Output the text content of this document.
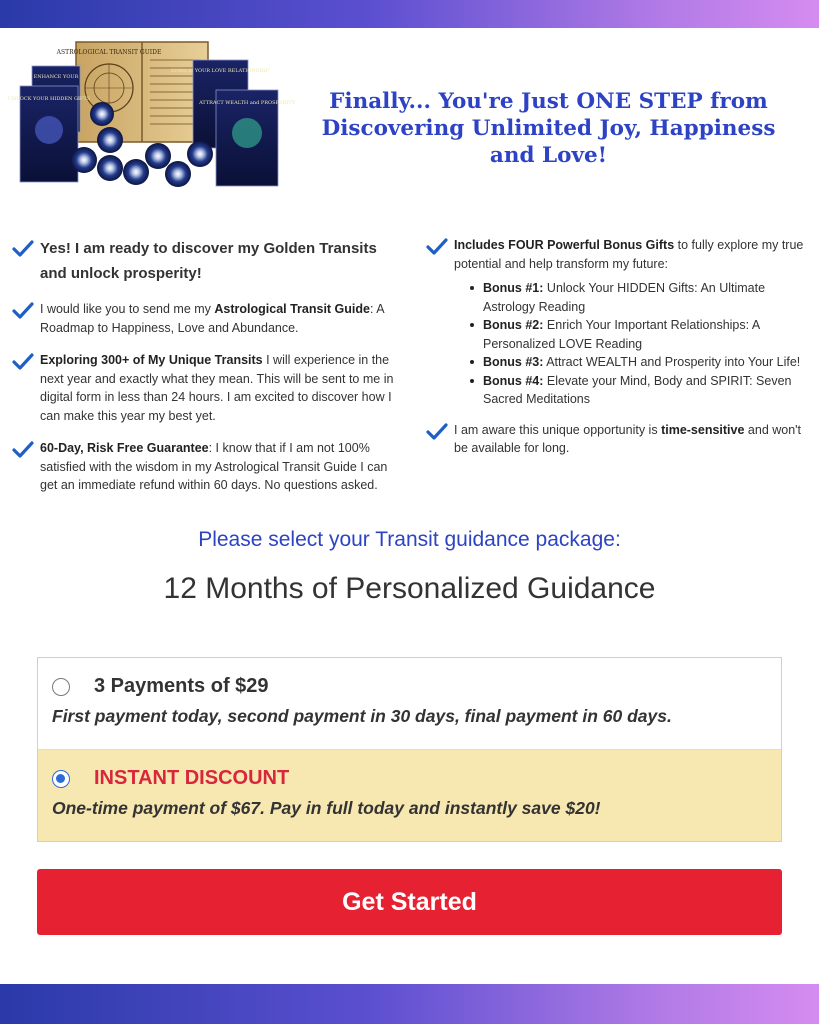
ASTROLOGICAL TRANSIT GUIDE
ENHANCE YOUR
UNLOCK YOUR HIDDEN GIFTS
ENRICH YOUR LOVE RELATIONSHIP
ATTRACT WEALTH and PROSPERITY	Finally... You're Just ONE STEP from Discovering Unlimited Joy, Happiness and Love!
Yes! I am ready to discover my Golden Transits and unlock prosperity!
I would like you to send me my Astrological Transit Guide: A Roadmap to Happiness, Love and Abundance.
Exploring 300+ of My Unique Transits I will experience in the next year and exactly what they mean. This will be sent to me in digital form in less than 24 hours. I am excited to discover how I can make this year my best yet.
60-Day, Risk Free Guarantee: I know that if I am not 100% satisfied with the wisdom in my Astrological Transit Guide I can get an immediate refund within 60 days. No questions asked.
Includes FOUR Powerful Bonus Gifts to fully explore my true potential and help transform my future:
Bonus #1: Unlock Your HIDDEN Gifts: An Ultimate Astrology Reading
Bonus #2: Enrich Your Important Relationships: A Personalized LOVE Reading
Bonus #3: Attract WEALTH and Prosperity into Your Life!
Bonus #4: Elevate your Mind, Body and SPIRIT: Seven Sacred Meditations
I am aware this unique opportunity is time-sensitive and won't be available for long.
Please select your Transit guidance package:
12 Months of Personalized Guidance
3 Payments of $29
First payment today, second payment in 30 days, final payment in 60 days.
INSTANT DISCOUNT
One-time payment of $67. Pay in full today and instantly save $20!
Get Started
